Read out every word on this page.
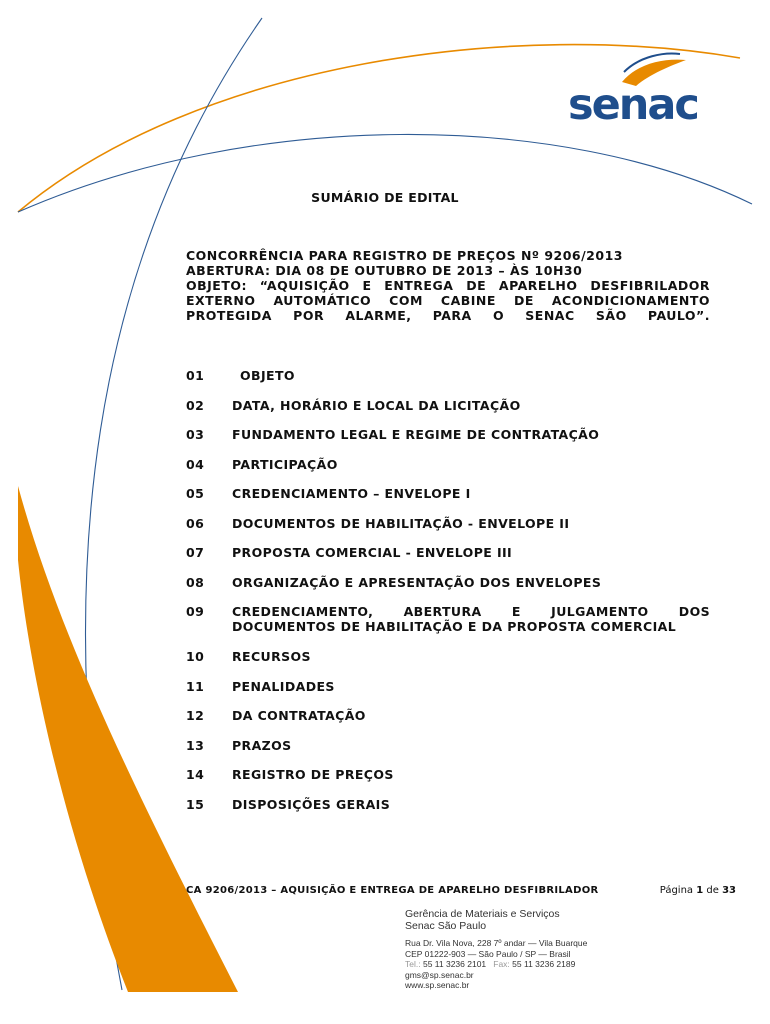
senac
SUMÁRIO DE EDITAL
CONCORRÊNCIA PARA REGISTRO DE PREÇOS Nº 9206/2013
ABERTURA: DIA 08 DE OUTUBRO DE 2013 – ÀS 10H30
OBJETO: “AQUISIÇÃO E ENTREGA DE APARELHO DESFIBRILADOR EXTERNO AUTOMÁTICO COM CABINE DE ACONDICIONAMENTO PROTEGIDA POR ALARME, PARA O SENAC SÃO PAULO”.
01	OBJETO
02 DATA, HORÁRIO E LOCAL DA LICITAÇÃO
03 FUNDAMENTO LEGAL E REGIME DE CONTRATAÇÃO
04 PARTICIPAÇÃO
05 CREDENCIAMENTO – ENVELOPE I
06 DOCUMENTOS DE HABILITAÇÃO - ENVELOPE II
07 PROPOSTA COMERCIAL - ENVELOPE III
08 ORGANIZAÇÃO E APRESENTAÇÃO DOS ENVELOPES
09 CREDENCIAMENTO, ABERTURA E JULGAMENTO DOS
DOCUMENTOS DE HABILITAÇÃO E DA PROPOSTA COMERCIAL
10 RECURSOS
11 PENALIDADES
12 DA CONTRATAÇÃO
13 PRAZOS
14 REGISTRO DE PREÇOS
15 DISPOSIÇÕES GERAIS
CA 9206/2013 – AQUISIÇÃO E ENTREGA DE APARELHO DESFIBRILADOR	Página 1 de 33
Gerência de Materiais e Serviços
Senac São Paulo
Rua Dr. Vila Nova, 228 7º andar — Vila Buarque
CEP 01222-903 — São Paulo / SP — Brasil
Tel.: 55 11 3236 2101 Fax: 55 11 3236 2189
gms@sp.senac.br
www.sp.senac.br
